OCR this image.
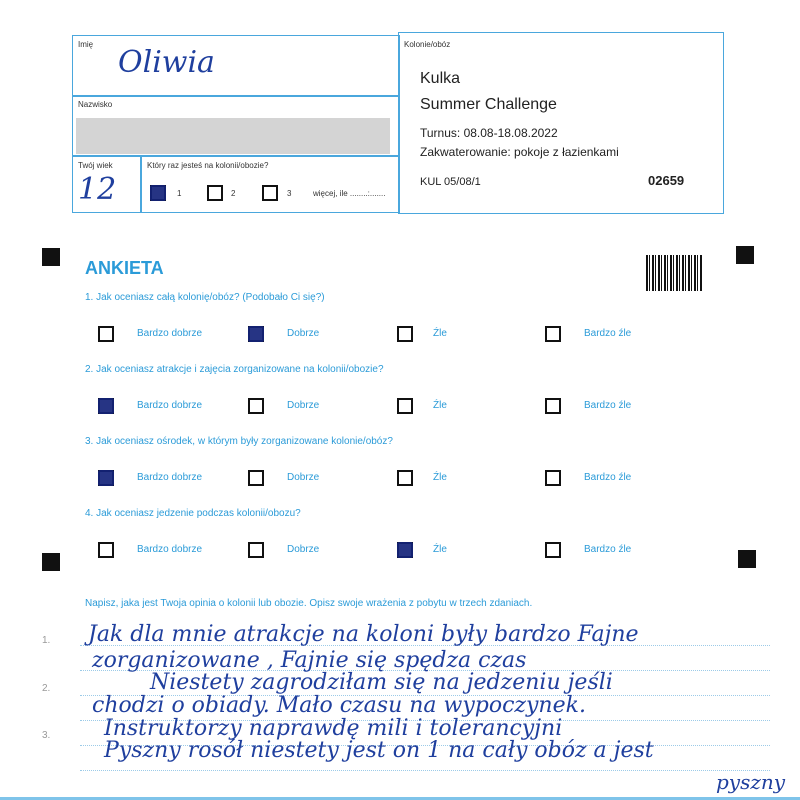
Imię
Oliwia
Nazwisko
Twój wiek
12
Który raz jesteś na kolonii/obozie?
1	2	3	więcej, ile ........:.......
Kolonie/obóz
Kulka
Summer Challenge
Turnus: 08.08-18.08.2022
Zakwaterowanie: pokoje z łazienkami
KUL 05/08/1	02659
ANKIETA
1. Jak oceniasz całą kolonię/obóz? (Podobało Ci się?)
Bardzo dobrze	Dobrze	Źle	Bardzo źle
2. Jak oceniasz atrakcje i zajęcia zorganizowane na kolonii/obozie?
Bardzo dobrze	Dobrze	Źle	Bardzo źle
3. Jak oceniasz ośrodek, w którym były zorganizowane kolonie/obóz?
Bardzo dobrze	Dobrze	Źle	Bardzo źle
4. Jak oceniasz jedzenie podczas kolonii/obozu?
Bardzo dobrze	Dobrze	Źle	Bardzo źle
Napisz, jaka jest Twoja opinia o kolonii lub obozie. Opisz swoje wrażenia z pobytu w trzech zdaniach.
1.
2.
3.
Jak dla mnie atrakcje na koloni były bardzo Fajne
zorganizowane , Fajnie się spędza czas
Niestety zagrodziłam się na jedzeniu jeśli
chodzi o obiady. Mało czasu na wypoczynek.
Instruktorzy naprawdę mili i tolerancyjni
Pyszny rosół niestety jest on 1 na cały obóz a jest
pyszny
